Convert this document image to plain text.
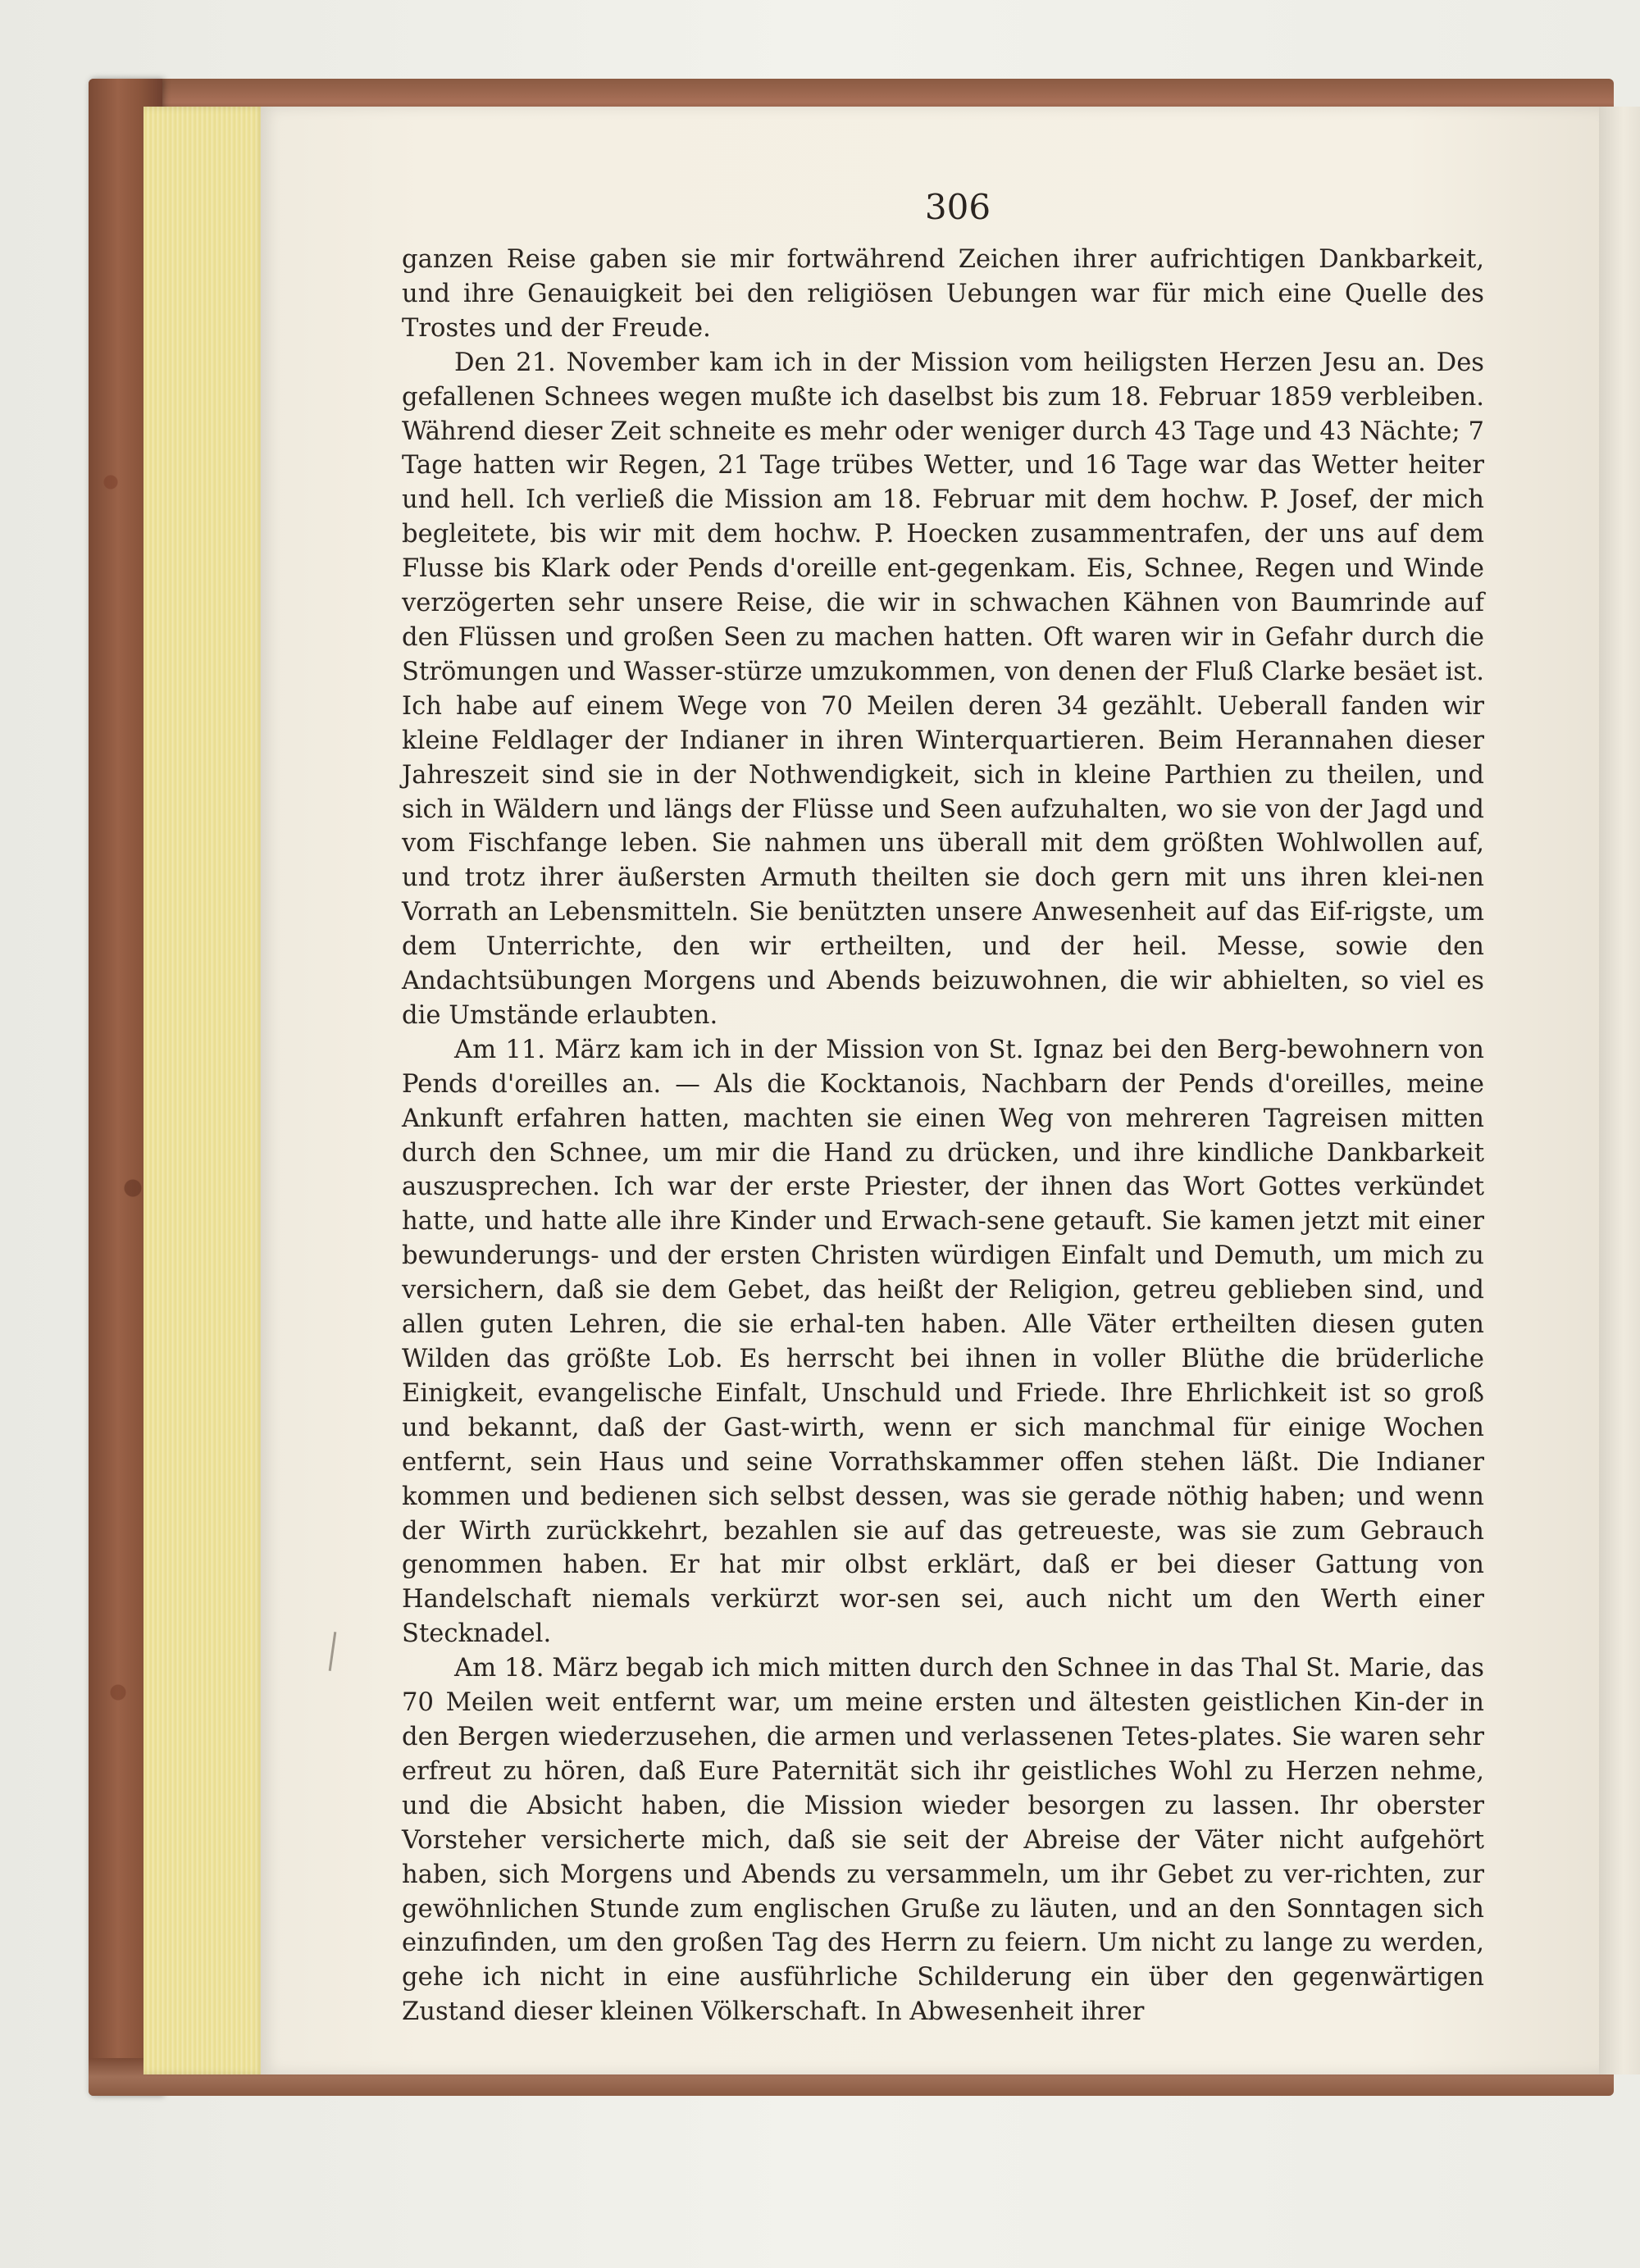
306

ganzen Reise gaben sie mir fortwährend Zeichen ihrer aufrichtigen Dankbarkeit, und ihre Genauigkeit bei den religiösen Uebungen war für mich eine Quelle des Trostes und der Freude.

Den 21. November kam ich in der Mission vom heiligsten Herzen Jesu an. Des gefallenen Schnees wegen mußte ich daselbst bis zum 18. Februar 1859 verbleiben. Während dieser Zeit schneite es mehr oder weniger durch 43 Tage und 43 Nächte; 7 Tage hatten wir Regen, 21 Tage trübes Wetter, und 16 Tage war das Wetter heiter und hell. Ich verließ die Mission am 18. Februar mit dem hochw. P. Josef, der mich begleitete, bis wir mit dem hochw. P. Hoecken zusammentrafen, der uns auf dem Flusse bis Klark oder Pends d'oreille ent-gegenkam. Eis, Schnee, Regen und Winde verzögerten sehr unsere Reise, die wir in schwachen Kähnen von Baumrinde auf den Flüssen und großen Seen zu machen hatten. Oft waren wir in Gefahr durch die Strömungen und Wasser-stürze umzukommen, von denen der Fluß Clarke besäet ist. Ich habe auf einem Wege von 70 Meilen deren 34 gezählt. Ueberall fanden wir kleine Feldlager der Indianer in ihren Winterquartieren. Beim Herannahen dieser Jahreszeit sind sie in der Nothwendigkeit, sich in kleine Parthien zu theilen, und sich in Wäldern und längs der Flüsse und Seen aufzuhalten, wo sie von der Jagd und vom Fischfange leben. Sie nahmen uns überall mit dem größten Wohlwollen auf, und trotz ihrer äußersten Armuth theilten sie doch gern mit uns ihren klei-nen Vorrath an Lebensmitteln. Sie benützten unsere Anwesenheit auf das Eif-rigste, um dem Unterrichte, den wir ertheilten, und der heil. Messe, sowie den Andachtsübungen Morgens und Abends beizuwohnen, die wir abhielten, so viel es die Umstände erlaubten.

Am 11. März kam ich in der Mission von St. Ignaz bei den Berg-bewohnern von Pends d'oreilles an. — Als die Kocktanois, Nachbarn der Pends d'oreilles, meine Ankunft erfahren hatten, machten sie einen Weg von mehreren Tagreisen mitten durch den Schnee, um mir die Hand zu drücken, und ihre kindliche Dankbarkeit auszusprechen. Ich war der erste Priester, der ihnen das Wort Gottes verkündet hatte, und hatte alle ihre Kinder und Erwach-sene getauft. Sie kamen jetzt mit einer bewunderungs- und der ersten Christen würdigen Einfalt und Demuth, um mich zu versichern, daß sie dem Gebet, das heißt der Religion, getreu geblieben sind, und allen guten Lehren, die sie erhal-ten haben. Alle Väter ertheilten diesen guten Wilden das größte Lob. Es herrscht bei ihnen in voller Blüthe die brüderliche Einigkeit, evangelische Einfalt, Unschuld und Friede. Ihre Ehrlichkeit ist so groß und bekannt, daß der Gast-wirth, wenn er sich manchmal für einige Wochen entfernt, sein Haus und seine Vorrathskammer offen stehen läßt. Die Indianer kommen und bedienen sich selbst dessen, was sie gerade nöthig haben; und wenn der Wirth zurückkehrt, bezahlen sie auf das getreueste, was sie zum Gebrauch genommen haben. Er hat mir olbst erklärt, daß er bei dieser Gattung von Handelschaft niemals verkürzt wor-sen sei, auch nicht um den Werth einer Stecknadel.

Am 18. März begab ich mich mitten durch den Schnee in das Thal St. Marie, das 70 Meilen weit entfernt war, um meine ersten und ältesten geistlichen Kin-der in den Bergen wiederzusehen, die armen und verlassenen Tetes-plates. Sie waren sehr erfreut zu hören, daß Eure Paternität sich ihr geistliches Wohl zu Herzen nehme, und die Absicht haben, die Mission wieder besorgen zu lassen. Ihr oberster Vorsteher versicherte mich, daß sie seit der Abreise der Väter nicht aufgehört haben, sich Morgens und Abends zu versammeln, um ihr Gebet zu ver-richten, zur gewöhnlichen Stunde zum englischen Gruße zu läuten, und an den Sonntagen sich einzufinden, um den großen Tag des Herrn zu feiern. Um nicht zu lange zu werden, gehe ich nicht in eine ausführliche Schilderung ein über den gegenwärtigen Zustand dieser kleinen Völkerschaft. In Abwesenheit ihrer
